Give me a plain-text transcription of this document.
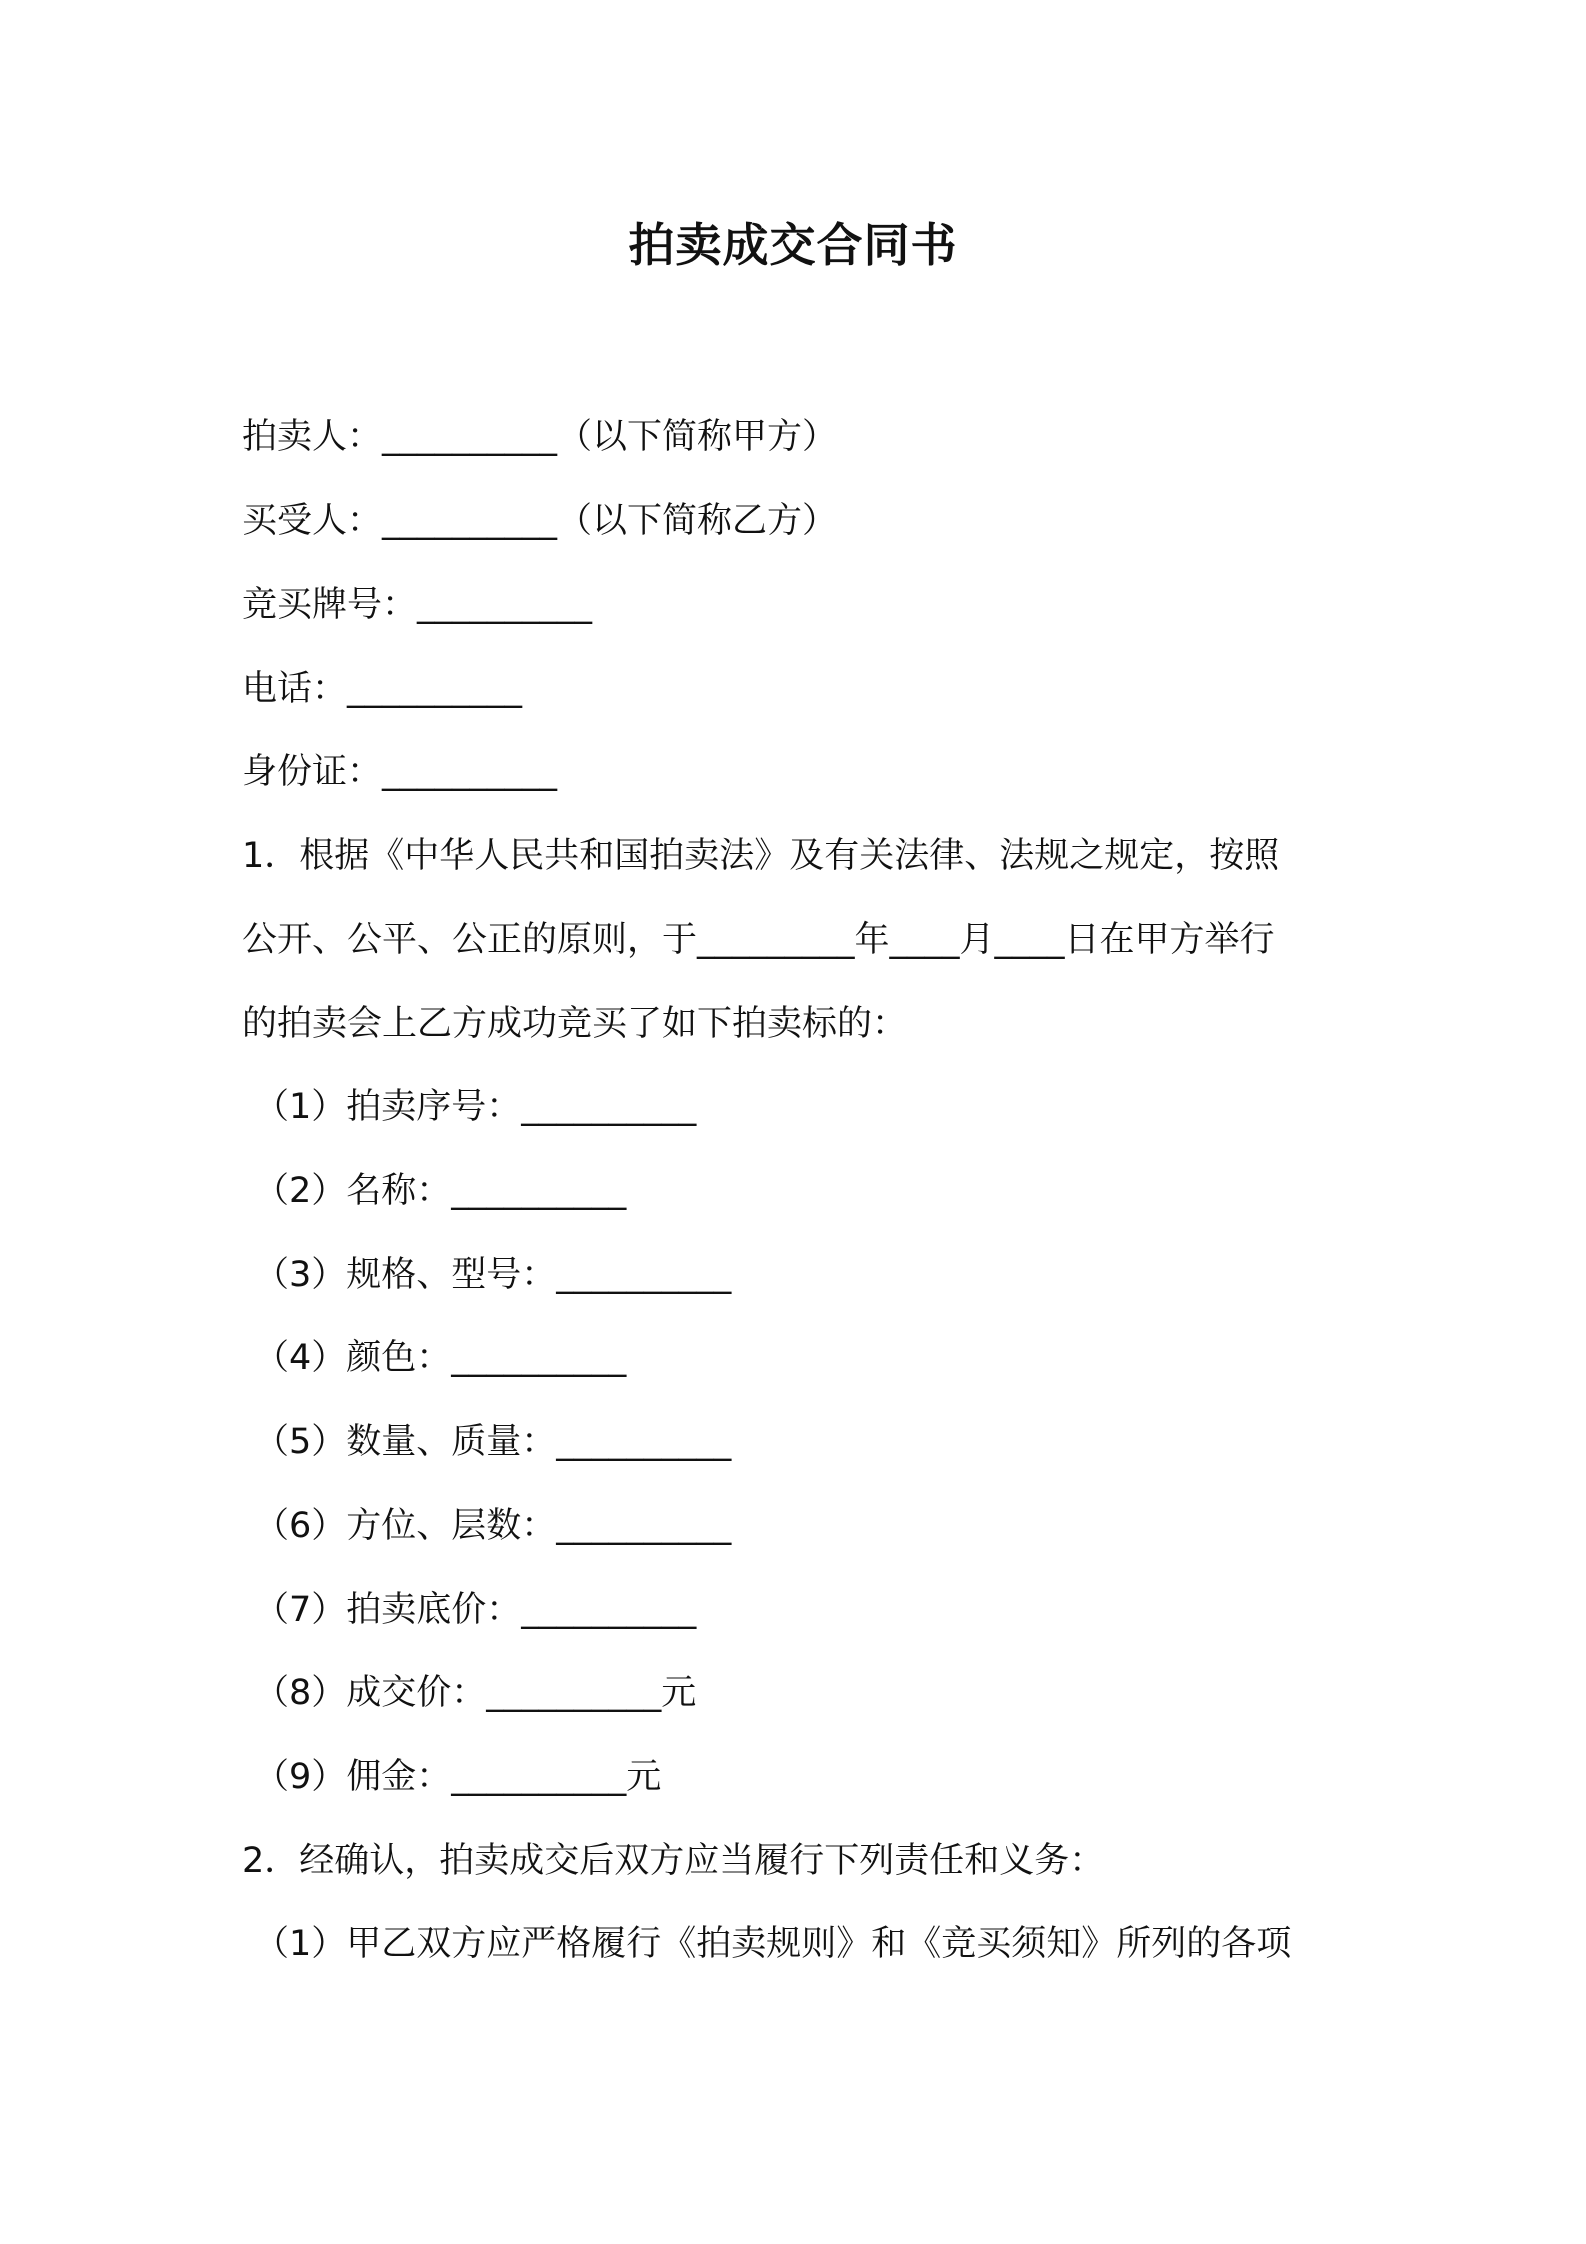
拍卖成交合同书
拍卖人：__________（以下简称甲方）
买受人：__________（以下简称乙方）
竞买牌号：__________
电话：__________
身份证：__________
1．根据《中华人民共和国拍卖法》及有关法律、法规之规定，按照
公开、公平、公正的原则，于_________年____月____日在甲方举行
的拍卖会上乙方成功竞买了如下拍卖标的：
（1）拍卖序号：__________
（2）名称：__________
（3）规格、型号：__________
（4）颜色：__________
（5）数量、质量：__________
（6）方位、层数：__________
（7）拍卖底价：__________
（8）成交价：__________元
（9）佣金：__________元
2．经确认，拍卖成交后双方应当履行下列责任和义务：
（1）甲乙双方应严格履行《拍卖规则》和《竞买须知》所列的各项
